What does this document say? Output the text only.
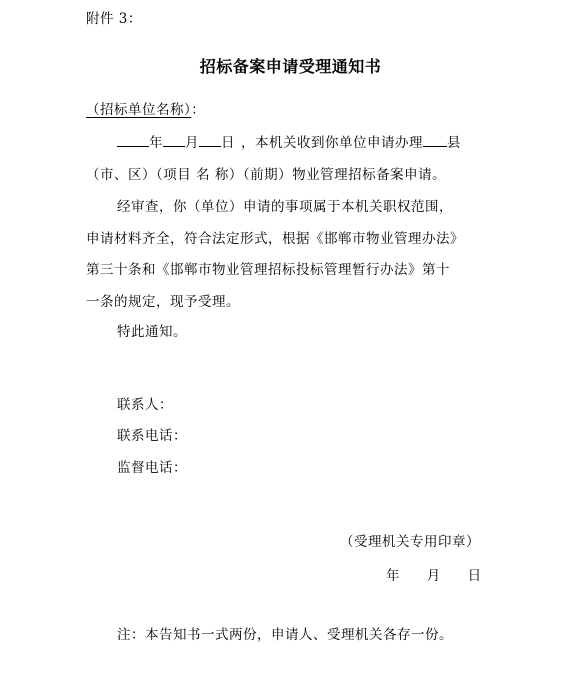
附件 3：
招标备案申请受理通知书
（招标单位名称）：
年 月 日 ，本机关收到你单位申请办理 县
（市、区）（项目 名 称）（前期）物业管理招标备案申请。
经审查，你（单位）申请的事项属于本机关职权范围，
申请材料齐全，符合法定形式，根据《邯郸市物业管理办法》
第三十条和《邯郸市物业管理招标投标管理暂行办法》第十
一条的规定，现予受理。
特此通知。
联系人：
联系电话：
监督电话：
（受理机关专用印章）
年　 月　 日
注：本告知书一式两份，申请人、受理机关各存一份。
